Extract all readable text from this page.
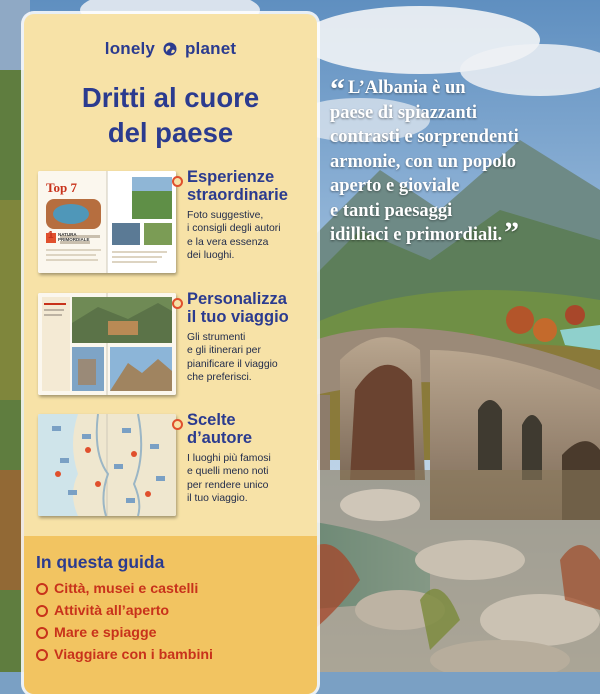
“ L’Albania è un
paese di spiazzanti
contrasti e sorprendenti
armonie, con un popolo
aperto e gioviale
e tanti paesaggi
idilliaci e primordiali.”
lonely planet
Dritti al cuore
del paese
Top 7
1 NATURA PRIMORDIALE
Esperienze
straordinarie
Foto suggestive,
i consigli degli autori
e la vera essenza
dei luoghi.
Personalizza
il tuo viaggio
Gli strumenti
e gli itinerari per
pianificare il viaggio
che preferisci.
Scelte
d’autore
I luoghi più famosi
e quelli meno noti
per rendere unico
il tuo viaggio.
In questa guida
Città, musei e castelli
Attività all’aperto
Mare e spiagge
Viaggiare con i bambini
